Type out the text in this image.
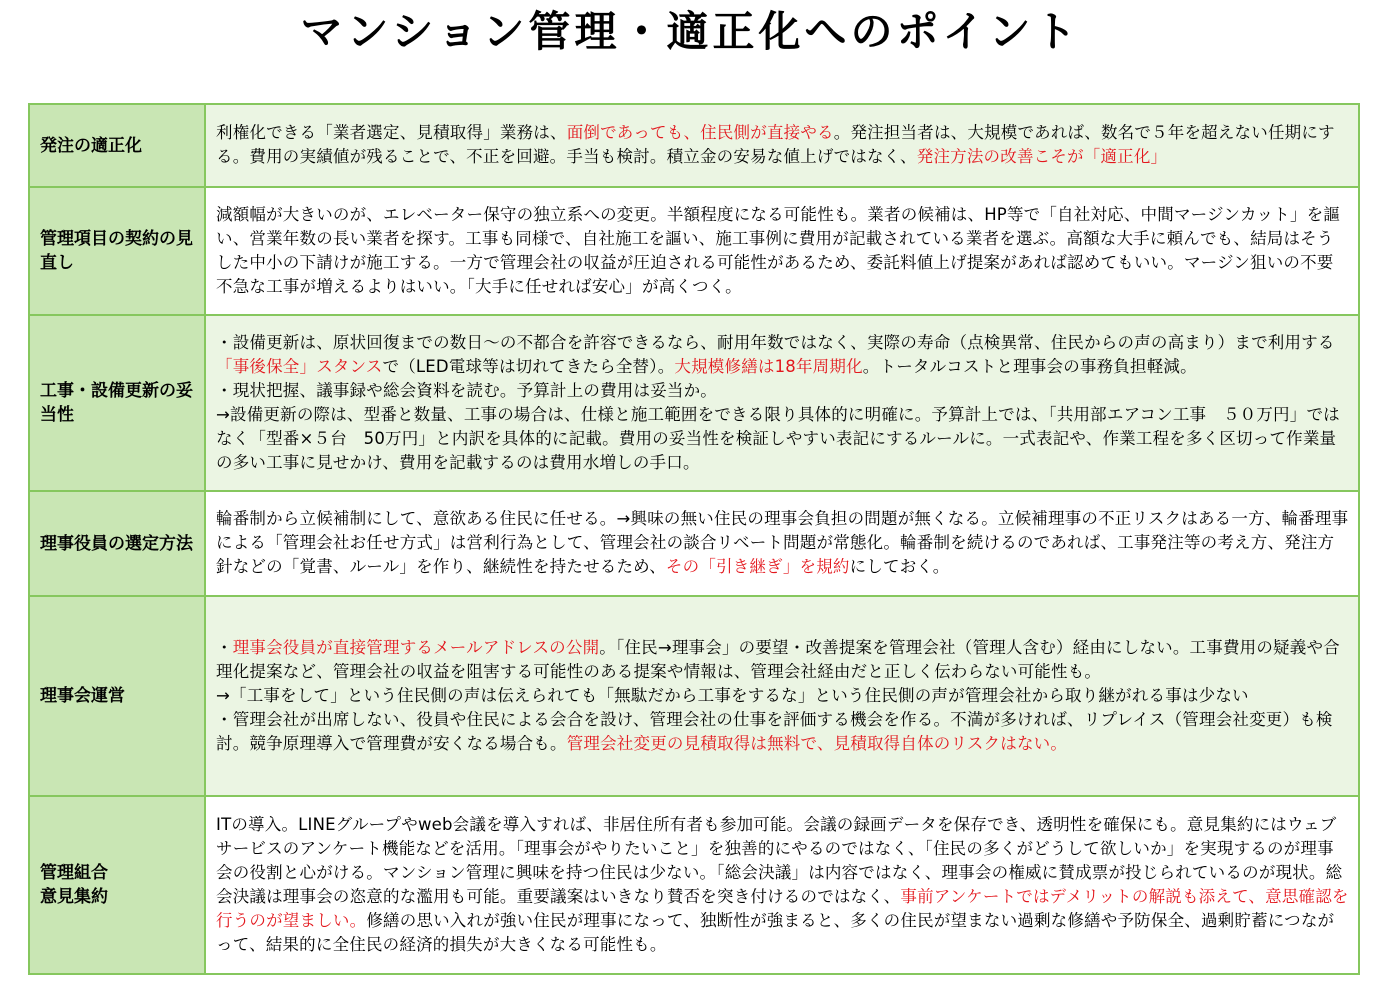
マンション管理・適正化へのポイント
発注の適正化	利権化できる「業者選定、見積取得」業務は、面倒であっても、住民側が直接やる。発注担当者は、大規模であれば、数名で５年を超えない任期にする。費用の実績値が残ることで、不正を回避。手当も検討。積立金の安易な値上げではなく、発注方法の改善こそが「適正化」

管理項目の契約の見直し	減額幅が大きいのが、エレベーター保守の独立系への変更。半額程度になる可能性も。業者の候補は、HP等で「自社対応、中間マージンカット」を謳い、営業年数の長い業者を探す。工事も同様で、自社施工を謳い、施工事例に費用が記載されている業者を選ぶ。高額な大手に頼んでも、結局はそうした中小の下請けが施工する。一方で管理会社の収益が圧迫される可能性があるため、委託料値上げ提案があれば認めてもいい。マージン狙いの不要不急な工事が増えるよりはいい。「大手に任せれば安心」が高くつく。

工事・設備更新の妥当性	・設備更新は、原状回復までの数日〜の不都合を許容できるなら、耐用年数ではなく、実際の寿命（点検異常、住民からの声の高まり）まで利用する「事後保全」スタンスで（LED電球等は切れてきたら全替）。大規模修繕は18年周期化。トータルコストと理事会の事務負担軽減。
・現状把握、議事録や総会資料を読む。予算計上の費用は妥当か。
→設備更新の際は、型番と数量、工事の場合は、仕様と施工範囲をできる限り具体的に明確に。予算計上では、「共用部エアコン工事　５０万円」ではなく「型番×５台　50万円」と内訳を具体的に記載。費用の妥当性を検証しやすい表記にするルールに。一式表記や、作業工程を多く区切って作業量の多い工事に見せかけ、費用を記載するのは費用水増しの手口。

理事役員の選定方法	輪番制から立候補制にして、意欲ある住民に任せる。→興味の無い住民の理事会負担の問題が無くなる。立候補理事の不正リスクはある一方、輪番理事による「管理会社お任せ方式」は営利行為として、管理会社の談合リベート問題が常態化。輪番制を続けるのであれば、工事発注等の考え方、発注方針などの「覚書、ルール」を作り、継続性を持たせるため、その「引き継ぎ」を規約にしておく。

理事会運営	・理事会役員が直接管理するメールアドレスの公開。「住民→理事会」の要望・改善提案を管理会社（管理人含む）経由にしない。工事費用の疑義や合理化提案など、管理会社の収益を阻害する可能性のある提案や情報は、管理会社経由だと正しく伝わらない可能性も。
→「工事をして」という住民側の声は伝えられても「無駄だから工事をするな」という住民側の声が管理会社から取り継がれる事は少ない
・管理会社が出席しない、役員や住民による会合を設け、管理会社の仕事を評価する機会を作る。不満が多ければ、リプレイス（管理会社変更）も検討。競争原理導入で管理費が安くなる場合も。管理会社変更の見積取得は無料で、見積取得自体のリスクはない。

管理組合
意見集約	ITの導入。LINEグループやweb会議を導入すれば、非居住所有者も参加可能。会議の録画データを保存でき、透明性を確保にも。意見集約にはウェブサービスのアンケート機能などを活用。「理事会がやりたいこと」を独善的にやるのではなく、「住民の多くがどうして欲しいか」を実現するのが理事会の役割と心がける。マンション管理に興味を持つ住民は少ない。「総会決議」は内容ではなく、理事会の権威に賛成票が投じられているのが現状。総会決議は理事会の恣意的な濫用も可能。重要議案はいきなり賛否を突き付けるのではなく、事前アンケートではデメリットの解説も添えて、意思確認を行うのが望ましい。修繕の思い入れが強い住民が理事になって、独断性が強まると、多くの住民が望まない過剰な修繕や予防保全、過剰貯蓄につながって、結果的に全住民の経済的損失が大きくなる可能性も。
